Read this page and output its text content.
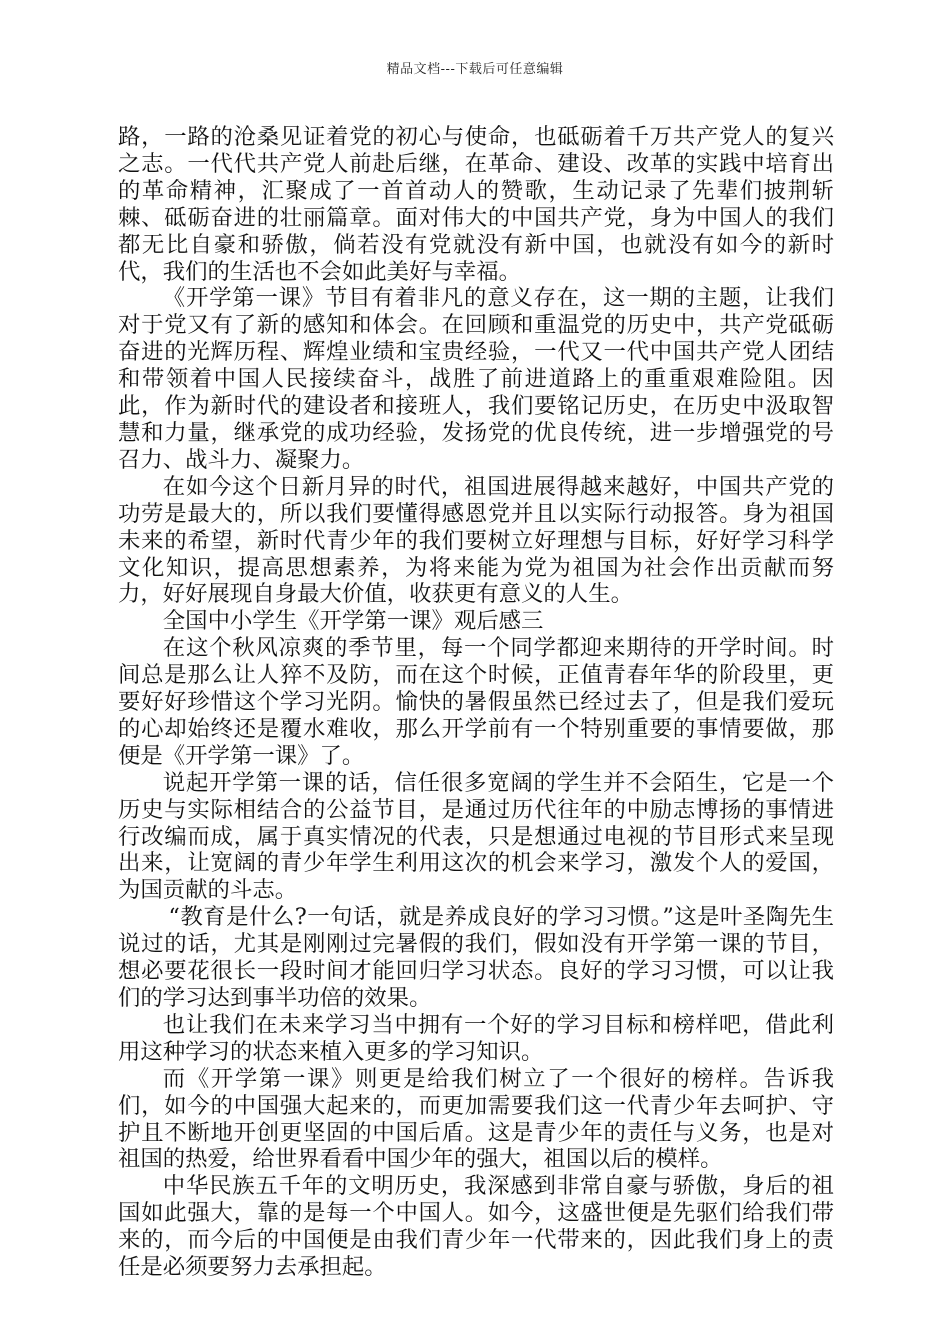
精品文档---下载后可任意编辑

路，一路的沧桑见证着党的初心与使命，也砥砺着千万共产党人的复兴之志。一代代共产党人前赴后继，在革命、建设、改革的实践中培育出的革命精神，汇聚成了一首首动人的赞歌，生动记录了先辈们披荆斩棘、砥砺奋进的壮丽篇章。面对伟大的中国共产党，身为中国人的我们都无比自豪和骄傲，倘若没有党就没有新中国，也就没有如今的新时代，我们的生活也不会如此美好与幸福。

《开学第一课》节目有着非凡的意义存在，这一期的主题，让我们对于党又有了新的感知和体会。在回顾和重温党的历史中，共产党砥砺奋进的光辉历程、辉煌业绩和宝贵经验，一代又一代中国共产党人团结和带领着中国人民接续奋斗，战胜了前进道路上的重重艰难险阻。因此，作为新时代的建设者和接班人，我们要铭记历史，在历史中汲取智慧和力量，继承党的成功经验，发扬党的优良传统，进一步增强党的号召力、战斗力、凝聚力。

在如今这个日新月异的时代，祖国进展得越来越好，中国共产党的功劳是最大的，所以我们要懂得感恩党并且以实际行动报答。身为祖国未来的希望，新时代青少年的我们要树立好理想与目标，好好学习科学文化知识，提高思想素养，为将来能为党为祖国为社会作出贡献而努力，好好展现自身最大价值，收获更有意义的人生。

全国中小学生《开学第一课》观后感三

在这个秋风凉爽的季节里，每一个同学都迎来期待的开学时间。时间总是那么让人猝不及防，而在这个时候，正值青春年华的阶段里，更要好好珍惜这个学习光阴。愉快的暑假虽然已经过去了，但是我们爱玩的心却始终还是覆水难收，那么开学前有一个特别重要的事情要做，那便是《开学第一课》了。

说起开学第一课的话，信任很多宽阔的学生并不会陌生，它是一个历史与实际相结合的公益节目，是通过历代往年的中励志博扬的事情进行改编而成，属于真实情况的代表，只是想通过电视的节目形式来呈现出来，让宽阔的青少年学生利用这次的机会来学习，激发个人的爱国，为国贡献的斗志。

“教育是什么?一句话，就是养成良好的学习习惯。”这是叶圣陶先生说过的话，尤其是刚刚过完暑假的我们，假如没有开学第一课的节目，想必要花很长一段时间才能回归学习状态。良好的学习习惯，可以让我们的学习达到事半功倍的效果。

也让我们在未来学习当中拥有一个好的学习目标和榜样吧，借此利用这种学习的状态来植入更多的学习知识。

而《开学第一课》则更是给我们树立了一个很好的榜样。告诉我们，如今的中国强大起来的，而更加需要我们这一代青少年去呵护、守护且不断地开创更坚固的中国后盾。这是青少年的责任与义务，也是对祖国的热爱，给世界看看中国少年的强大，祖国以后的模样。

中华民族五千年的文明历史，我深感到非常自豪与骄傲，身后的祖国如此强大，靠的是每一个中国人。如今，这盛世便是先驱们给我们带来的，而今后的中国便是由我们青少年一代带来的，因此我们身上的责任是必须要努力去承担起。
